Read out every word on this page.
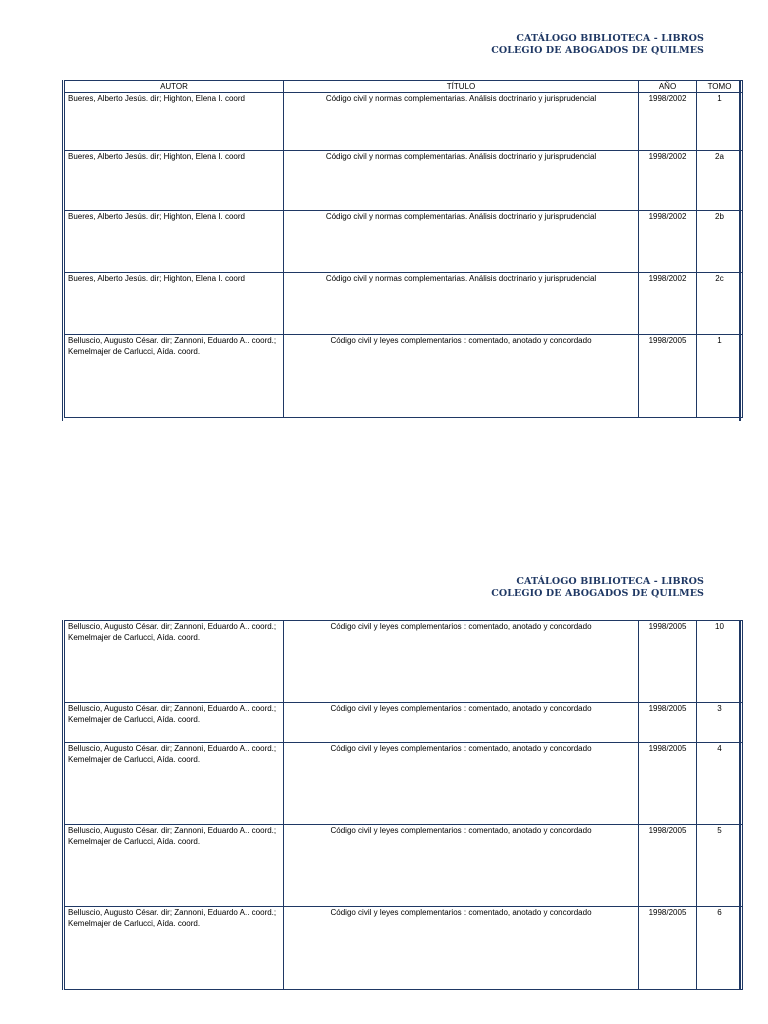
CATÁLOGO BIBLIOTECA - LIBROS
COLEGIO DE ABOGADOS DE QUILMES
AUTOR	TÍTULO	AÑO	TOMO
Bueres, Alberto Jesús. dir; Highton, Elena I. coord	Código civil y normas complementarias. Análisis doctrinario y jurisprudencial	1998/2002	1
Bueres, Alberto Jesús. dir; Highton, Elena I. coord	Código civil y normas complementarias. Análisis doctrinario y jurisprudencial	1998/2002	2a
Bueres, Alberto Jesús. dir; Highton, Elena I. coord	Código civil y normas complementarias. Análisis doctrinario y jurisprudencial	1998/2002	2b
Bueres, Alberto Jesús. dir; Highton, Elena I. coord	Código civil y normas complementarias. Análisis doctrinario y jurisprudencial	1998/2002	2c
Belluscio, Augusto César. dir; Zannoni, Eduardo A.. coord.; Kemelmajer de Carlucci, Aída. coord.	Código civil y leyes complementarios : comentado, anotado y concordado	1998/2005	1
CATÁLOGO BIBLIOTECA - LIBROS
COLEGIO DE ABOGADOS DE QUILMES
Belluscio, Augusto César. dir; Zannoni, Eduardo A.. coord.; Kemelmajer de Carlucci, Aída. coord.	Código civil y leyes complementarios : comentado, anotado y concordado	1998/2005	10
Belluscio, Augusto César. dir; Zannoni, Eduardo A.. coord.; Kemelmajer de Carlucci, Aída. coord.	Código civil y leyes complementarios : comentado, anotado y concordado	1998/2005	3
Belluscio, Augusto César. dir; Zannoni, Eduardo A.. coord.; Kemelmajer de Carlucci, Aída. coord.	Código civil y leyes complementarios : comentado, anotado y concordado	1998/2005	4
Belluscio, Augusto César. dir; Zannoni, Eduardo A.. coord.; Kemelmajer de Carlucci, Aída. coord.	Código civil y leyes complementarios : comentado, anotado y concordado	1998/2005	5
Belluscio, Augusto César. dir; Zannoni, Eduardo A.. coord.; Kemelmajer de Carlucci, Aída. coord.	Código civil y leyes complementarios : comentado, anotado y concordado	1998/2005	6
